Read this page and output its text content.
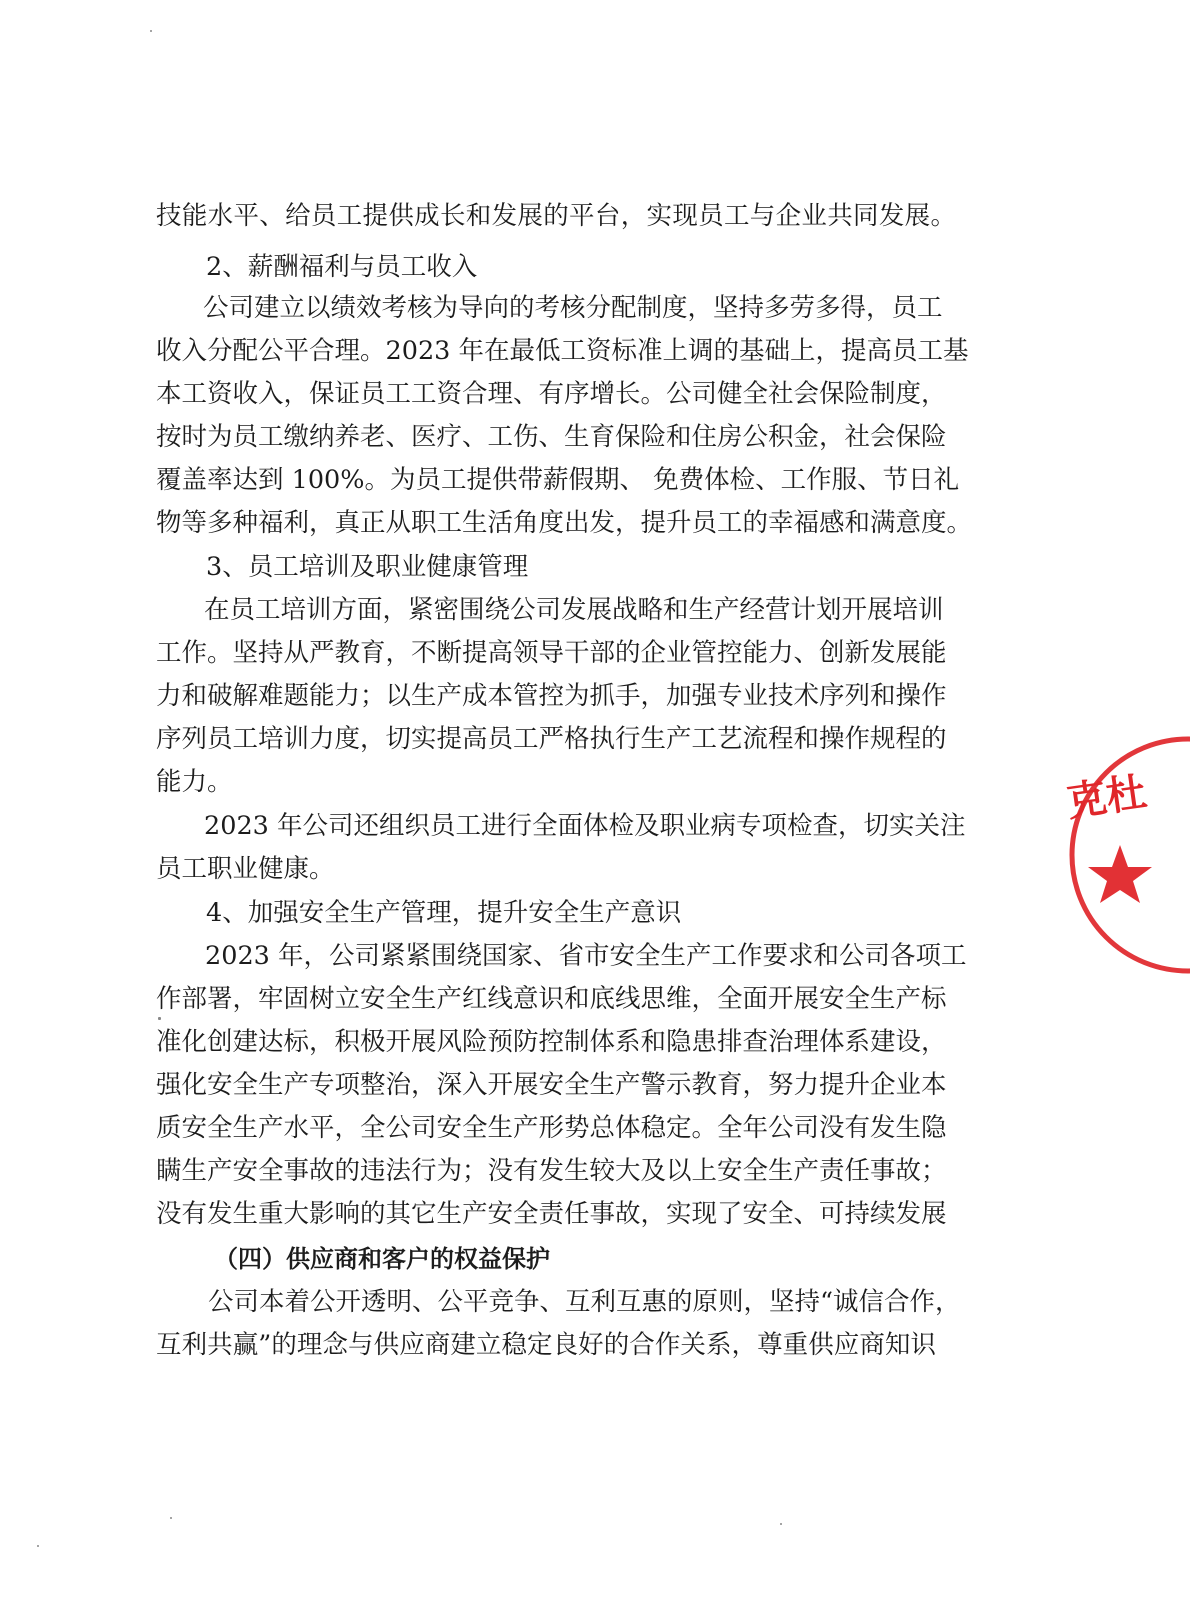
技能水平、给员工提供成长和发展的平台，实现员工与企业共同发展。
2、薪酬福利与员工收入
公司建立以绩效考核为导向的考核分配制度，坚持多劳多得，员工
收入分配公平合理。2023 年在最低工资标准上调的基础上，提高员工基
本工资收入，保证员工工资合理、有序增长。公司健全社会保险制度，
按时为员工缴纳养老、医疗、工伤、生育保险和住房公积金，社会保险
覆盖率达到 100%。为员工提供带薪假期、 免费体检、工作服、节日礼
物等多种福利，真正从职工生活角度出发，提升员工的幸福感和满意度。
3、员工培训及职业健康管理
在员工培训方面，紧密围绕公司发展战略和生产经营计划开展培训
工作。坚持从严教育，不断提高领导干部的企业管控能力、创新发展能
力和破解难题能力；以生产成本管控为抓手，加强专业技术序列和操作
序列员工培训力度，切实提高员工严格执行生产工艺流程和操作规程的
能力。
2023 年公司还组织员工进行全面体检及职业病专项检查，切实关注
员工职业健康。
4、加强安全生产管理，提升安全生产意识
2023 年，公司紧紧围绕国家、省市安全生产工作要求和公司各项工
作部署，牢固树立安全生产红线意识和底线思维，全面开展安全生产标
准化创建达标，积极开展风险预防控制体系和隐患排查治理体系建设，
强化安全生产专项整治，深入开展安全生产警示教育，努力提升企业本
质安全生产水平，全公司安全生产形势总体稳定。全年公司没有发生隐
瞒生产安全事故的违法行为；没有发生较大及以上安全生产责任事故；
没有发生重大影响的其它生产安全责任事故，实现了安全、可持续发展
（四）供应商和客户的权益保护
公司本着公开透明、公平竞争、互利互惠的原则，坚持“诚信合作，
互利共赢”的理念与供应商建立稳定良好的合作关系，尊重供应商知识
克杜
